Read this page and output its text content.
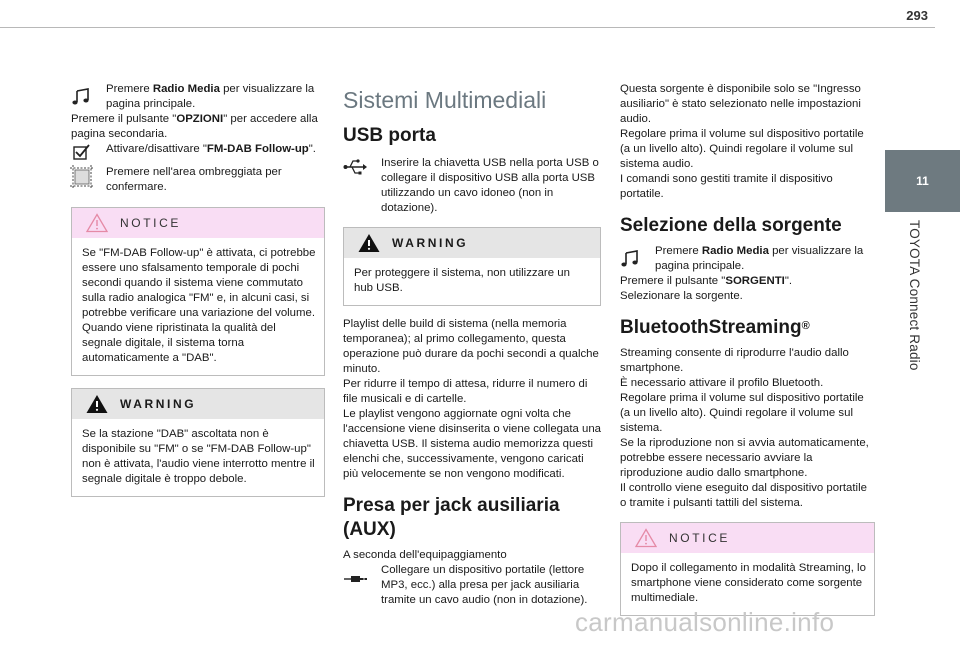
293
11
TOYOTA Connect Radio

Premere Radio Media per visualizzare la pagina principale.

Premere il pulsante "OPZIONI" per accedere alla pagina secondaria.

Attivare/disattivare "FM-DAB Follow-up".

Premere nell'area ombreggiata per confermare.

NOTICE
Se "FM-DAB Follow-up" è attivata, ci potrebbe essere uno sfalsamento temporale di pochi secondi quando il sistema viene commutato sulla radio analogica "FM" e, in alcuni casi, si potrebbe verificare una variazione del volume.
Quando viene ripristinata la qualità del segnale digitale, il sistema torna automaticamente a "DAB".
WARNING
Se la stazione "DAB" ascoltata non è disponibile su "FM" o se "FM-DAB Follow-up" non è attivata, l'audio viene interrotto mentre il segnale digitale è troppo debole.
Sistemi Multimediali
USB porta

Inserire la chiavetta USB nella porta USB o collegare il dispositivo USB alla porta USB utilizzando un cavo idoneo (non in dotazione).

WARNING
Per proteggere il sistema, non utilizzare un hub USB.

Playlist delle build di sistema (nella memoria temporanea); al primo collegamento, questa operazione può durare da pochi secondi a qualche minuto.
Per ridurre il tempo di attesa, ridurre il numero di file musicali e di cartelle.
Le playlist vengono aggiornate ogni volta che l'accensione viene disinserita o viene collegata una chiavetta USB. Il sistema audio memorizza questi elenchi che, successivamente, vengono caricati più velocemente se non vengono modificati.

Presa per jack ausiliaria (AUX)

A seconda dell'equipaggiamento

Collegare un dispositivo portatile (lettore MP3, ecc.) alla presa per jack ausiliaria tramite un cavo audio (non in dotazione).

Questa sorgente è disponibile solo se "Ingresso ausiliario" è stato selezionato nelle impostazioni audio.
Regolare prima il volume sul dispositivo portatile (a un livello alto). Quindi regolare il volume sul sistema audio.
I comandi sono gestiti tramite il dispositivo portatile.

Selezione della sorgente

Premere Radio Media per visualizzare la pagina principale.

Premere il pulsante "SORGENTI".

Selezionare la sorgente.

BluetoothStreaming®

Streaming consente di riprodurre l'audio dallo smartphone.
È necessario attivare il profilo Bluetooth.
Regolare prima il volume sul dispositivo portatile (a un livello alto). Quindi regolare il volume sul sistema.
Se la riproduzione non si avvia automaticamente, potrebbe essere necessario avviare la riproduzione audio dallo smartphone.
Il controllo viene eseguito dal dispositivo portatile o tramite i pulsanti tattili del sistema.

NOTICE
Dopo il collegamento in modalità Streaming, lo smartphone viene considerato come sorgente multimediale.
carmanualsonline.info
